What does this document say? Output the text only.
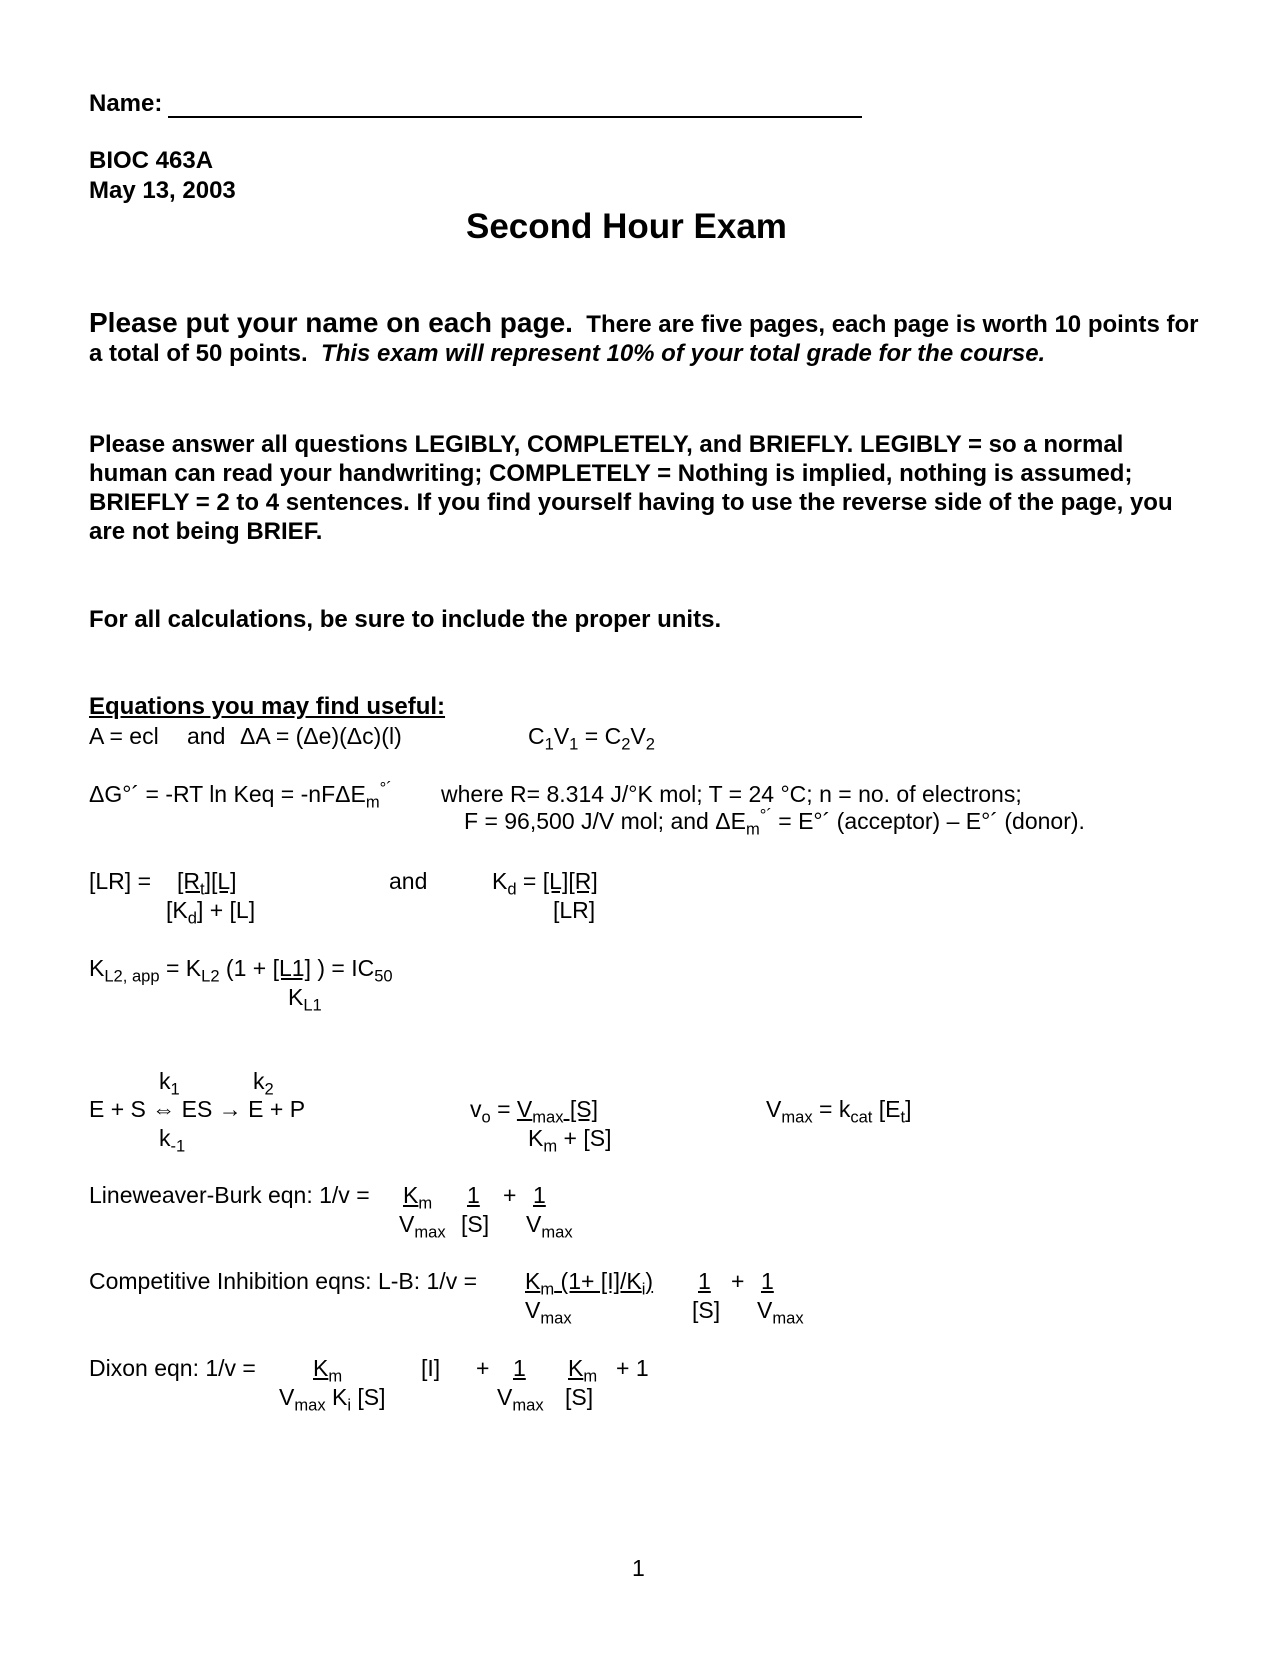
Name:
BIOC 463A
May 13, 2003
Second Hour Exam
Please put your name on each page. There are five pages, each page is worth 10 points for a total of 50 points. This exam will represent 10% of your total grade for the course.
Please answer all questions LEGIBLY, COMPLETELY, and BRIEFLY. LEGIBLY = so a normal human can read your handwriting; COMPLETELY = Nothing is implied, nothing is assumed; BRIEFLY = 2 to 4 sentences. If you find yourself having to use the reverse side of the page, you are not being BRIEF.
For all calculations, be sure to include the proper units.
Equations you may find useful:
A = ecl and ΔA = (Δe)(Δc)(l)	$C_1V_1 = C_2V_2$
ΔG°´ = -RT ln Keq = -nFΔE$_m$°´ where R= 8.314 J/°K mol; T = 24 °C; n = no. of electrons;
F = 96,500 J/V mol; and $\Delta E_m^{^\circ´}$ = E°´ (acceptor) – E°´ (donor).
$[LR] = [R_t][L]$
$[K_d] + [L]$
and	$K_d = [L][R]$
[LR]
$K_{L2, app} = K_{L2}$ (1 + [L1] ) = $IC_{50}$
$K_{L1}$
$k_1$	$k_2$
E + S ⇔ ES → E + P
$k_{-1}$
$v_o = V_{max}$ [S]
$K_m + [S]$
$V_{max} = k_{cat}$ $[E_t]$
Lineweaver-Burk eqn: $1/v = K_m$ 1 + 1
$V_{max}$ [S] $V_{max}$
Competitive Inhibition eqns: L-B: $1/v = K_m$ $(1+ [I]/K_i)$ 1 + 1
$V_{max}$	[S] $V_{max}$
Dixon eqn: $1/v = K_m$	[I] + 1 $K_m + 1$
$V_{max}$ $K_i$ [S]	$V_{max}$ [S]
1
